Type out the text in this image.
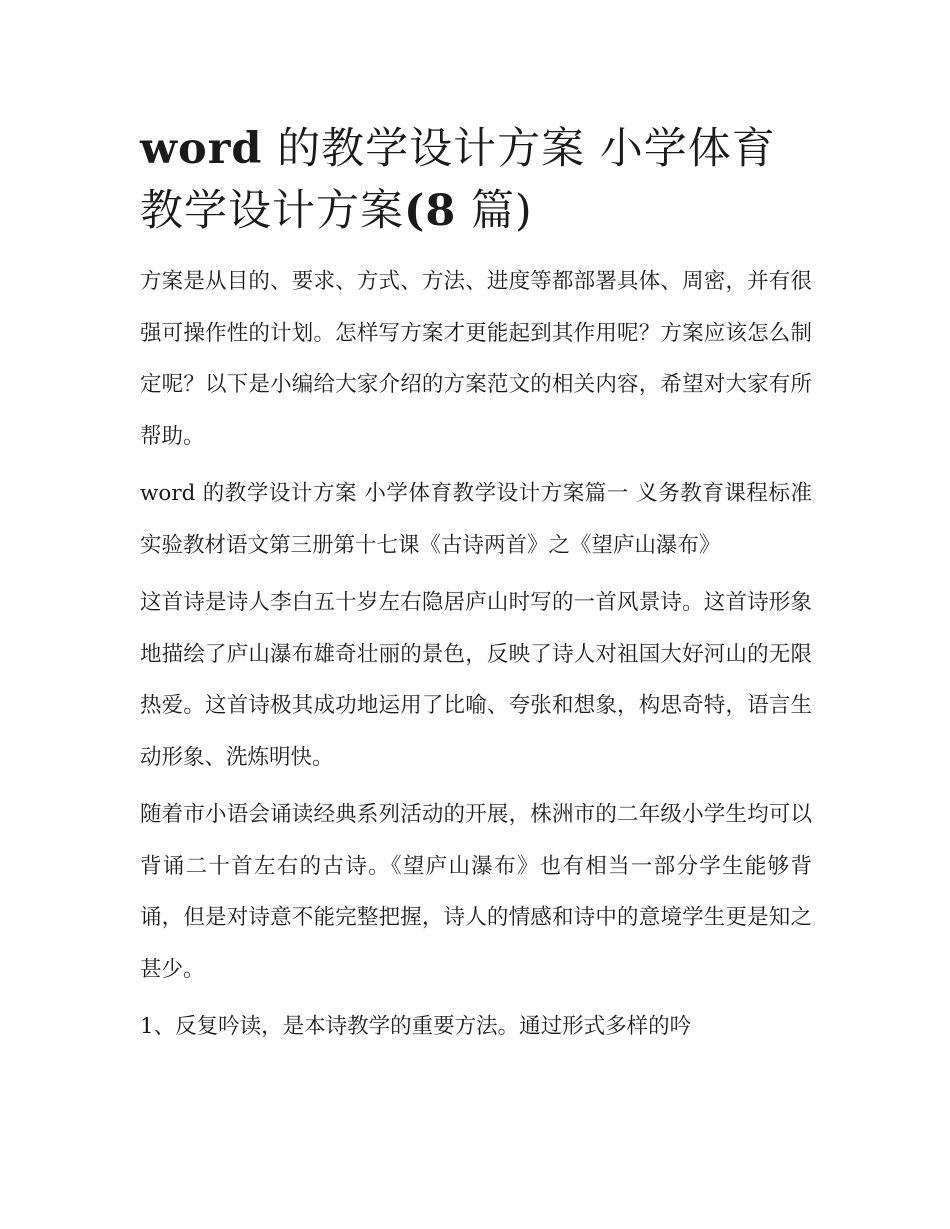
word 的教学设计方案 小学体育教学设计方案(8 篇)

方案是从目的、要求、方式、方法、进度等都部署具体、周密，并有很强可操作性的计划。怎样写方案才更能起到其作用呢？方案应该怎么制定呢？以下是小编给大家介绍的方案范文的相关内容，希望对大家有所帮助。

word 的教学设计方案 小学体育教学设计方案篇一 义务教育课程标准实验教材语文第三册第十七课《古诗两首》之《望庐山瀑布》

这首诗是诗人李白五十岁左右隐居庐山时写的一首风景诗。这首诗形象地描绘了庐山瀑布雄奇壮丽的景色，反映了诗人对祖国大好河山的无限热爱。这首诗极其成功地运用了比喻、夸张和想象，构思奇特，语言生动形象、洗炼明快。

随着市小语会诵读经典系列活动的开展，株洲市的二年级小学生均可以背诵二十首左右的古诗。《望庐山瀑布》也有相当一部分学生能够背诵，但是对诗意不能完整把握，诗人的情感和诗中的意境学生更是知之甚少。

1、反复吟读，是本诗教学的重要方法。通过形式多样的吟
